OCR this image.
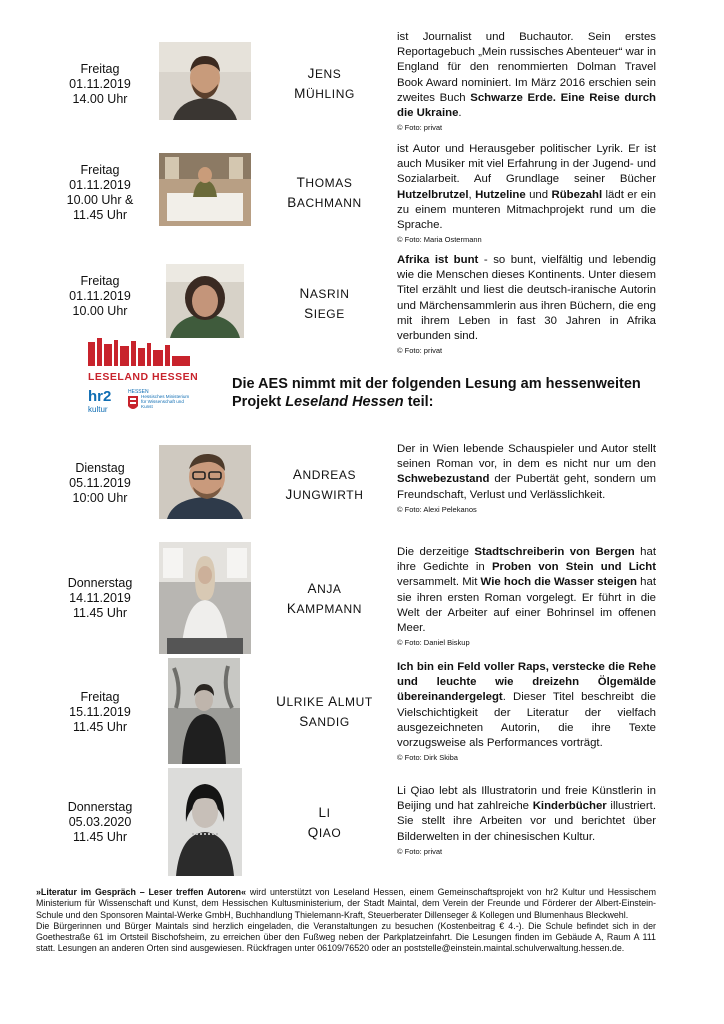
Freitag
01.11.2019
14.00 Uhr
JENS
MÜHLING
ist Journalist und Buchautor. Sein erstes Reportagebuch „Mein russisches Abenteuer“ war in England für den renommierten Dolman Travel Book Award nominiert. Im März 2016 erschien sein zweites Buch Schwarze Erde. Eine Reise durch die Ukraine.
© Foto: privat
Freitag
01.11.2019
10.00 Uhr &
11.45 Uhr
THOMAS
BACHMANN
ist Autor und Herausgeber politischer Lyrik. Er ist auch Musiker mit viel Erfahrung in der Jugend- und Sozialarbeit. Auf Grundlage seiner Bücher Hutzelbrutzel, Hutzeline und Rübezahl lädt er ein zu einem munteren Mitmachprojekt rund um die Sprache.
© Foto: Maria Ostermann
Freitag
01.11.2019
10.00 Uhr
NASRIN
SIEGE
Afrika ist bunt - so bunt, vielfältig und lebendig wie die Menschen dieses Kontinents. Unter diesem Titel erzählt und liest die deutsch-iranische Autorin und Märchensammlerin aus ihren Büchern, die eng mit ihrem Leben in fast 30 Jahren in Afrika verbunden sind.
© Foto: privat
LESELAND HESSEN
hr2
kultur
HESSEN
Hessisches Ministerium für Wissenschaft und Kunst
Die AES nimmt mit der folgenden Lesung am hessenweiten
Projekt Leseland Hessen teil:
Dienstag
05.11.2019
10:00 Uhr
ANDREAS
JUNGWIRTH
Der in Wien lebende Schauspieler und Autor stellt seinen Roman vor, in dem es nicht nur um den Schwebezustand der Pubertät geht, sondern um Freundschaft, Verlust und Verlässlichkeit.
© Foto: Alexi Pelekanos
Donnerstag
14.11.2019
11.45 Uhr
ANJA
KAMPMANN
Die derzeitige Stadtschreiberin von Bergen hat ihre Gedichte in Proben von Stein und Licht versammelt. Mit Wie hoch die Wasser steigen hat sie ihren ersten Roman vorgelegt. Er führt in die Welt der Arbeiter auf einer Bohrinsel im offenen Meer.
© Foto: Daniel Biskup
Freitag
15.11.2019
11.45 Uhr
ULRIKE ALMUT
SANDIG
Ich bin ein Feld voller Raps, verstecke die Rehe und leuchte wie dreizehn Ölgemälde übereinandergelegt. Dieser Titel beschreibt die Vielschichtigkeit der Literatur der vielfach ausgezeichneten Autorin, die ihre Texte vorzugsweise als Performances vorträgt.
© Foto: Dirk Skiba
Donnerstag
05.03.2020
11.45 Uhr
LI
QIAO
Li Qiao lebt als Illustratorin und freie Künstlerin in Beijing und hat zahlreiche Kinderbücher illustriert. Sie stellt ihre Arbeiten vor und berichtet über Bilderwelten in der chinesischen Kultur.
© Foto: privat

»Literatur im Gespräch – Leser treffen Autoren« wird unterstützt von Leseland Hessen, einem Gemeinschaftsprojekt von hr2 Kultur und Hessischem Ministerium für Wissenschaft und Kunst, dem Hessischen Kultusministerium, der Stadt Maintal, dem Verein der Freunde und Förderer der Albert-Einstein-Schule und den Sponsoren Maintal-Werke GmbH, Buchhandlung Thielemann-Kraft, Steuerberater Dillenseger & Kollegen und Blumenhaus Bleckwehl.

Die Bürgerinnen und Bürger Maintals sind herzlich eingeladen, die Veranstaltungen zu besuchen (Kostenbeitrag € 4.-). Die Schule befindet sich in der Goethestraße 61 im Ortsteil Bischofsheim, zu erreichen über den Fußweg neben der Parkplatzeinfahrt. Die Lesungen finden im Gebäude A, Raum A 111 statt. Lesungen an anderen Orten sind ausgewiesen. Rückfragen unter 06109/76520 oder an poststelle@einstein.maintal.schulverwaltung.hessen.de.
